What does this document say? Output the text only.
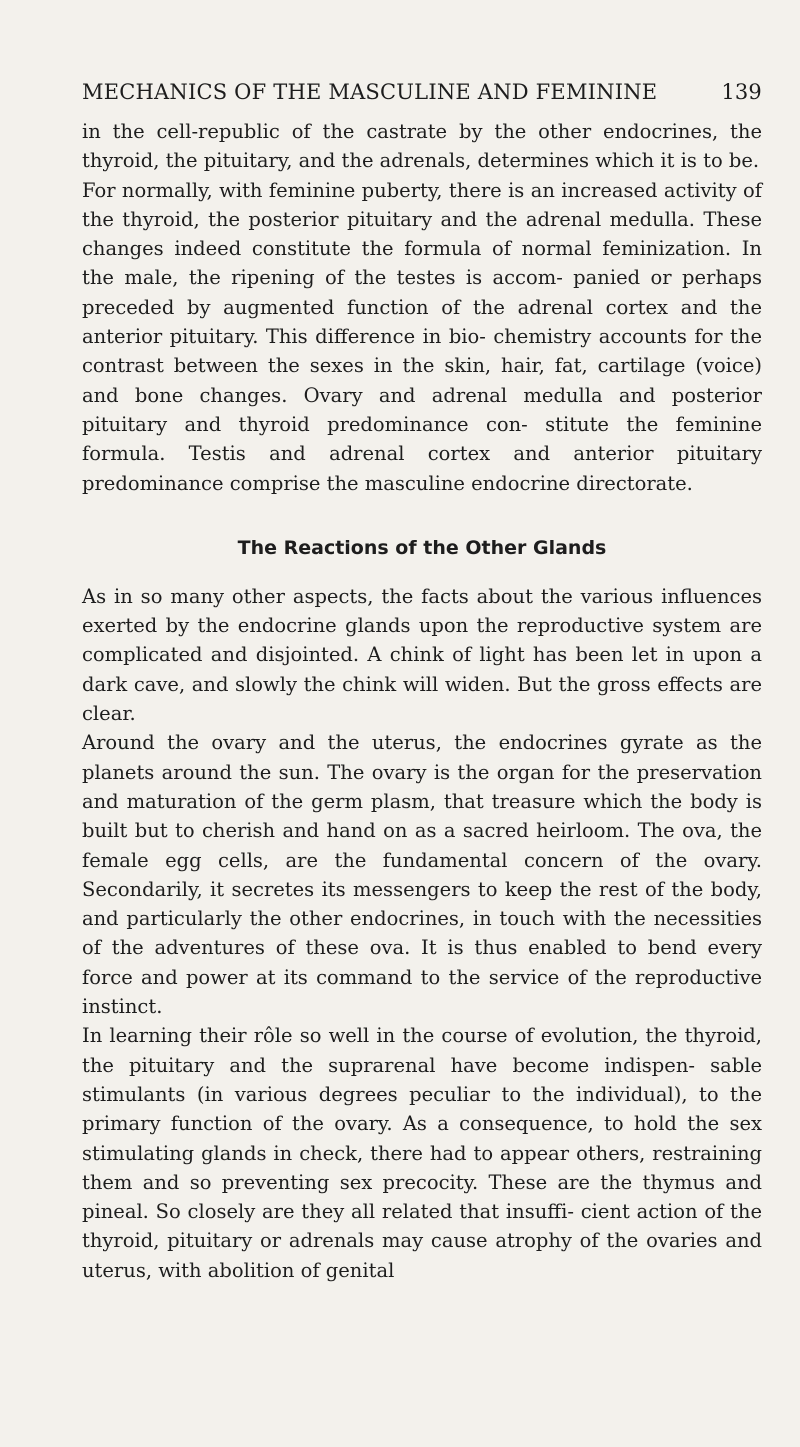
MECHANICS OF THE MASCULINE AND FEMININE	139

in the cell-republic of the castrate by the other endocrines, the thyroid, the pituitary, and the adrenals, determines which it is to be.

For normally, with feminine puberty, there is an increased activity of the thyroid, the posterior pituitary and the adrenal medulla. These changes indeed constitute the formula of normal feminization. In the male, the ripening of the testes is accom- panied or perhaps preceded by augmented function of the adrenal cortex and the anterior pituitary. This difference in bio- chemistry accounts for the contrast between the sexes in the skin, hair, fat, cartilage (voice) and bone changes. Ovary and adrenal medulla and posterior pituitary and thyroid predominance con- stitute the feminine formula. Testis and adrenal cortex and anterior pituitary predominance comprise the masculine endocrine directorate.

The Reactions of the Other Glands

As in so many other aspects, the facts about the various influences exerted by the endocrine glands upon the reproductive system are complicated and disjointed. A chink of light has been let in upon a dark cave, and slowly the chink will widen. But the gross effects are clear.

Around the ovary and the uterus, the endocrines gyrate as the planets around the sun. The ovary is the organ for the preservation and maturation of the germ plasm, that treasure which the body is built but to cherish and hand on as a sacred heirloom. The ova, the female egg cells, are the fundamental concern of the ovary. Secondarily, it secretes its messengers to keep the rest of the body, and particularly the other endocrines, in touch with the necessities of the adventures of these ova. It is thus enabled to bend every force and power at its command to the service of the reproductive instinct.

In learning their rôle so well in the course of evolution, the thyroid, the pituitary and the suprarenal have become indispen- sable stimulants (in various degrees peculiar to the individual), to the primary function of the ovary. As a consequence, to hold the sex stimulating glands in check, there had to appear others, restraining them and so preventing sex precocity. These are the thymus and pineal. So closely are they all related that insuffi- cient action of the thyroid, pituitary or adrenals may cause atrophy of the ovaries and uterus, with abolition of genital
